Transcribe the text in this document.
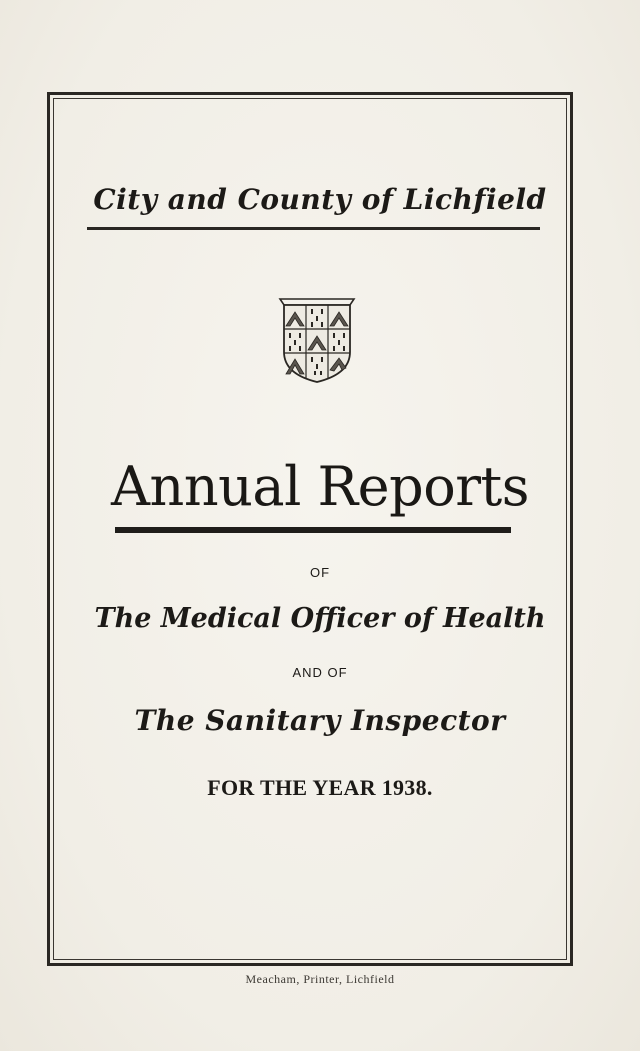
City and County of Lichfield
Annual Reports
OF
The Medical Officer of Health
AND OF
The Sanitary Inspector
FOR THE YEAR 1938.
Meacham, Printer, Lichfield
